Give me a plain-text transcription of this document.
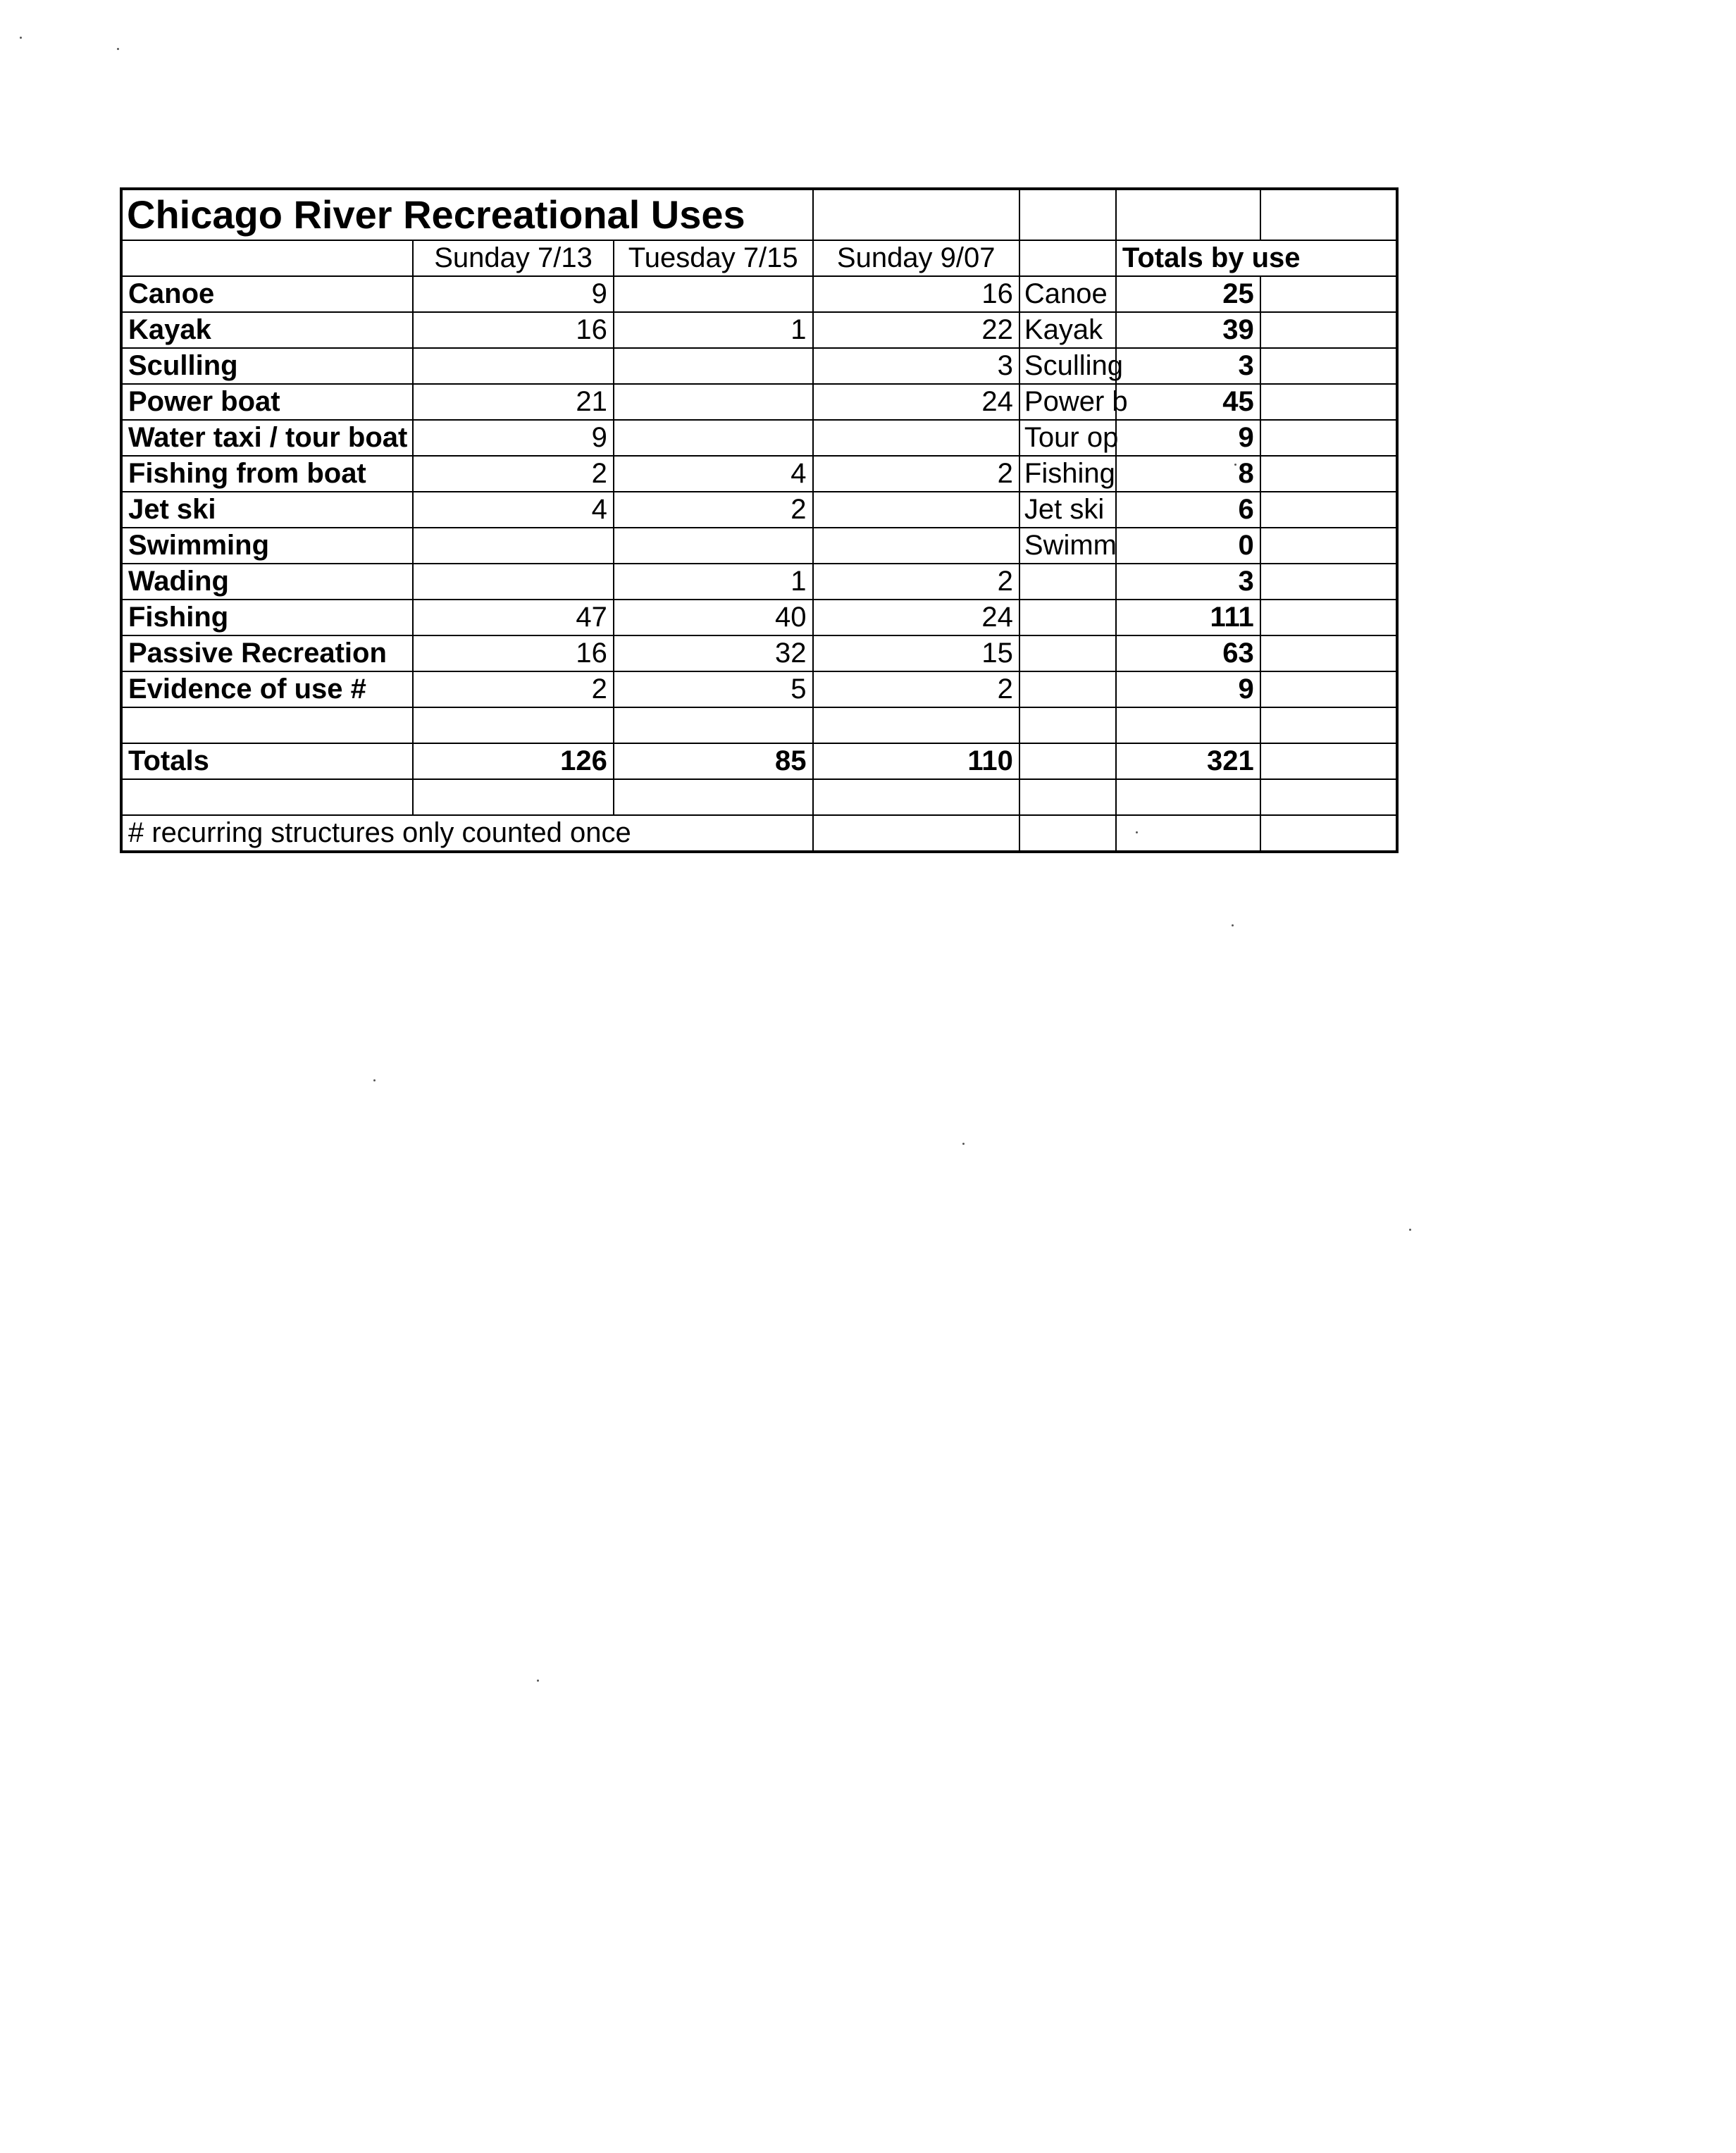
Chicago River Recreational Uses						
	Sunday 7/13	Tuesday 7/15	Sunday 9/07		Totals by use	
Canoe	9		16	Canoe	25	
Kayak	16	1	22	Kayak	39	
Sculling			3	Sculling	3	
Power boat	21		24	Power b	45	
Water taxi / tour boat	9			Tour op	9	
Fishing from boat	2	4	2	Fishing	8	
Jet ski	4	2		Jet ski	6	
Swimming				Swimm	0	
Wading		1	2		3	
Fishing	47	40	24		111	
Passive Recreation	16	32	15		63	
Evidence of use #	2	5	2		9	

Totals	126	85	110		321	

# recurring structures only counted once						
